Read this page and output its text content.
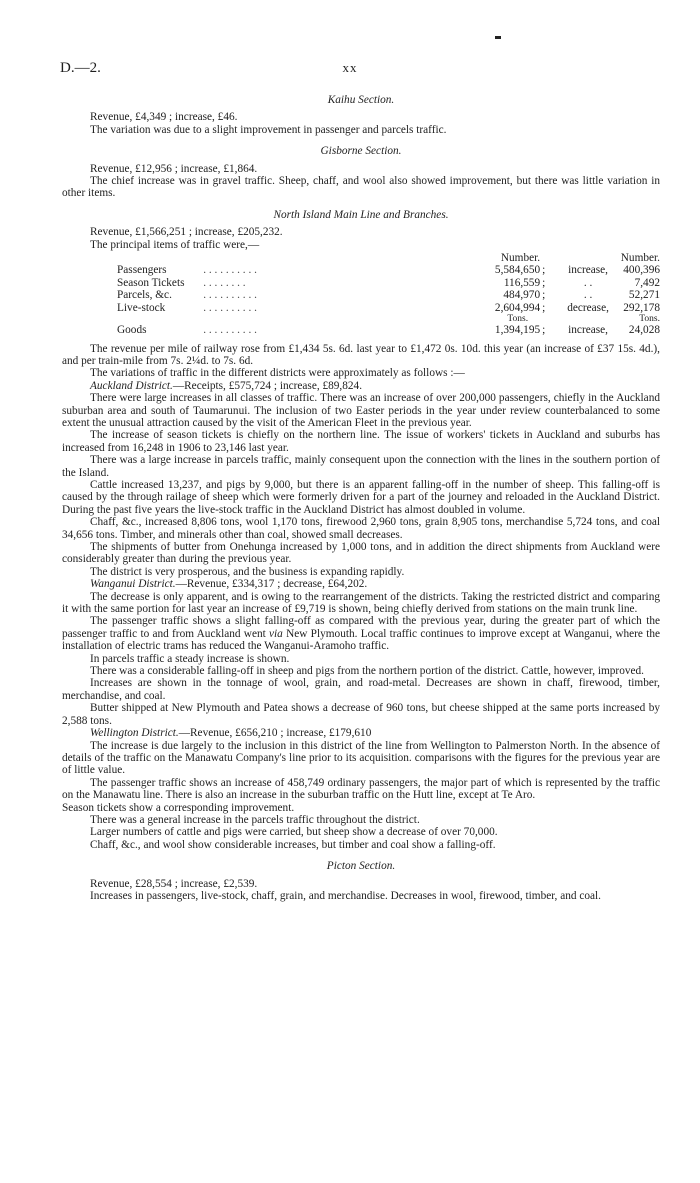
D.—2.	xx
Kaihu Section.

Revenue, £4,349 ; increase, £46.

The variation was due to a slight improvement in passenger and parcels traffic.

Gisborne Section.

Revenue, £12,956 ; increase, £1,864.

The chief increase was in gravel traffic. Sheep, chaff, and wool also showed improvement, but there was little variation in other items.

North Island Main Line and Branches.

Revenue, £1,566,251 ; increase, £205,232.

The principal items of traffic were,—

		Number.			Number.
Passengers	. . . . . . . . . .	5,584,650	;	increase,	400,396
Season Tickets	. . . . . . . .	116,559	;	. .	7,492
Parcels, &c.	. . . . . . . . . .	484,970	;	. .	52,271
Live-stock	. . . . . . . . . .	2,604,994	;	decrease,	292,178
		Tons.			Tons.
Goods	. . . . . . . . . .	1,394,195	;	increase,	24,028

The revenue per mile of railway rose from £1,434 5s. 6d. last year to £1,472 0s. 10d. this year (an increase of £37 15s. 4d.), and per train-mile from 7s. 2¼d. to 7s. 6d.

The variations of traffic in the different districts were approximately as follows :—

Auckland District.—Receipts, £575,724 ; increase, £89,824.

There were large increases in all classes of traffic. There was an increase of over 200,000 passengers, chiefly in the Auckland suburban area and south of Taumarunui. The inclusion of two Easter periods in the year under review counterbalanced to some extent the unusual attraction caused by the visit of the American Fleet in the previous year.

The increase of season tickets is chiefly on the northern line. The issue of workers' tickets in Auckland and suburbs has increased from 16,248 in 1906 to 23,146 last year.

There was a large increase in parcels traffic, mainly consequent upon the connection with the lines in the southern portion of the Island.

Cattle increased 13,237, and pigs by 9,000, but there is an apparent falling-off in the number of sheep. This falling-off is caused by the through railage of sheep which were formerly driven for a part of the journey and reloaded in the Auckland District. During the past five years the live-stock traffic in the Auckland District has almost doubled in volume.

Chaff, &c., increased 8,806 tons, wool 1,170 tons, firewood 2,960 tons, grain 8,905 tons, merchandise 5,724 tons, and coal 34,656 tons. Timber, and minerals other than coal, showed small decreases.

The shipments of butter from Onehunga increased by 1,000 tons, and in addition the direct shipments from Auckland were considerably greater than during the previous year.

The district is very prosperous, and the business is expanding rapidly.

Wanganui District.—Revenue, £334,317 ; decrease, £64,202.

The decrease is only apparent, and is owing to the rearrangement of the districts. Taking the restricted district and comparing it with the same portion for last year an increase of £9,719 is shown, being chiefly derived from stations on the main trunk line.

The passenger traffic shows a slight falling-off as compared with the previous year, during the greater part of which the passenger traffic to and from Auckland went via New Plymouth. Local traffic continues to improve except at Wanganui, where the installation of electric trams has reduced the Wanganui-Aramoho traffic.

In parcels traffic a steady increase is shown.

There was a considerable falling-off in sheep and pigs from the northern portion of the district. Cattle, however, improved.

Increases are shown in the tonnage of wool, grain, and road-metal. Decreases are shown in chaff, firewood, timber, merchandise, and coal.

Butter shipped at New Plymouth and Patea shows a decrease of 960 tons, but cheese shipped at the same ports increased by 2,588 tons.

Wellington District.—Revenue, £656,210 ; increase, £179,610

The increase is due largely to the inclusion in this district of the line from Wellington to Palmerston North. In the absence of details of the traffic on the Manawatu Company's line prior to its acquisition. comparisons with the figures for the previous year are of little value.

The passenger traffic shows an increase of 458,749 ordinary passengers, the major part of which is represented by the traffic on the Manawatu line. There is also an increase in the suburban traffic on the Hutt line, except at Te Aro.

Season tickets show a corresponding improvement.

There was a general increase in the parcels traffic throughout the district.

Larger numbers of cattle and pigs were carried, but sheep show a decrease of over 70,000.

Chaff, &c., and wool show considerable increases, but timber and coal show a falling-off.

Picton Section.

Revenue, £28,554 ; increase, £2,539.

Increases in passengers, live-stock, chaff, grain, and merchandise. Decreases in wool, firewood, timber, and coal.
